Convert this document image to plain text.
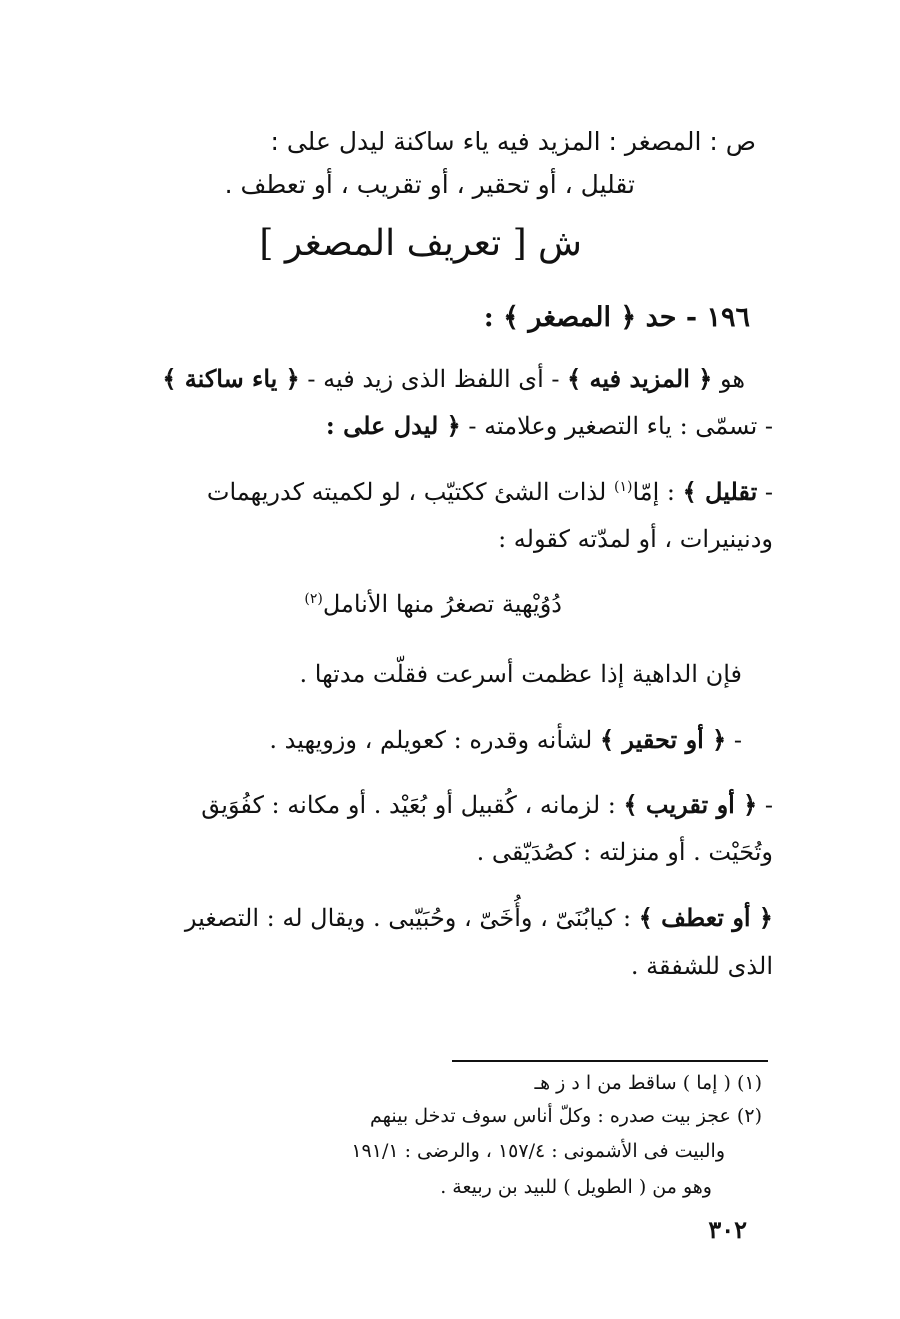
ص : المصغر : المزيد فيه ياء ساكنة ليدل على :
تقليل ، أو تحقير ، أو تقريب ، أو تعطف .
ش [ تعريف المصغر ]
١٩٦ - حد ﴿ المصغر ﴾ :
هو ﴿ المزيد فيه ﴾ - أى اللفظ الذى زيد فيه - ﴿ ياء ساكنة ﴾
- تسمّى : ياء التصغير وعلامته - ﴿ ليدل على :
- تقليل ﴾ : إمّا$^{(١)}$ لذات الشئ ككتيّب ، لو لكميته كدريهمات
ودنينيرات ، أو لمدّته كقوله :
دُوُيْهية تصغرُ منها الأنامل$^{(٢)}$
فإن الداهية إذا عظمت أسرعت فقلّت مدتها .
- ﴿ أو تحقير ﴾ لشأنه وقدره : كعويلم ، وزويهيد .
- ﴿ أو تقريب ﴾ : لزمانه ، كُقبيل أو بُعَيْد . أو مكانه : كفُوَيق
وتُحَيْت . أو منزلته : كصُدَيّقى .
﴿ أو تعطف ﴾ : كيابُنَىّ ، وأُخَىّ ، وحُبَيّبى . ويقال له : التصغير
الذى للشفقة .
(١) ( إما ) ساقط من ا د ز هـ
(٢) عجز بيت صدره : وكلّ أناس سوف تدخل بينهم
والبيت فى الأشمونى : ١٥٧/٤ ، والرضى : ١٩١/١
وهو من ( الطويل ) للبيد بن ربيعة .
٣٠٢
